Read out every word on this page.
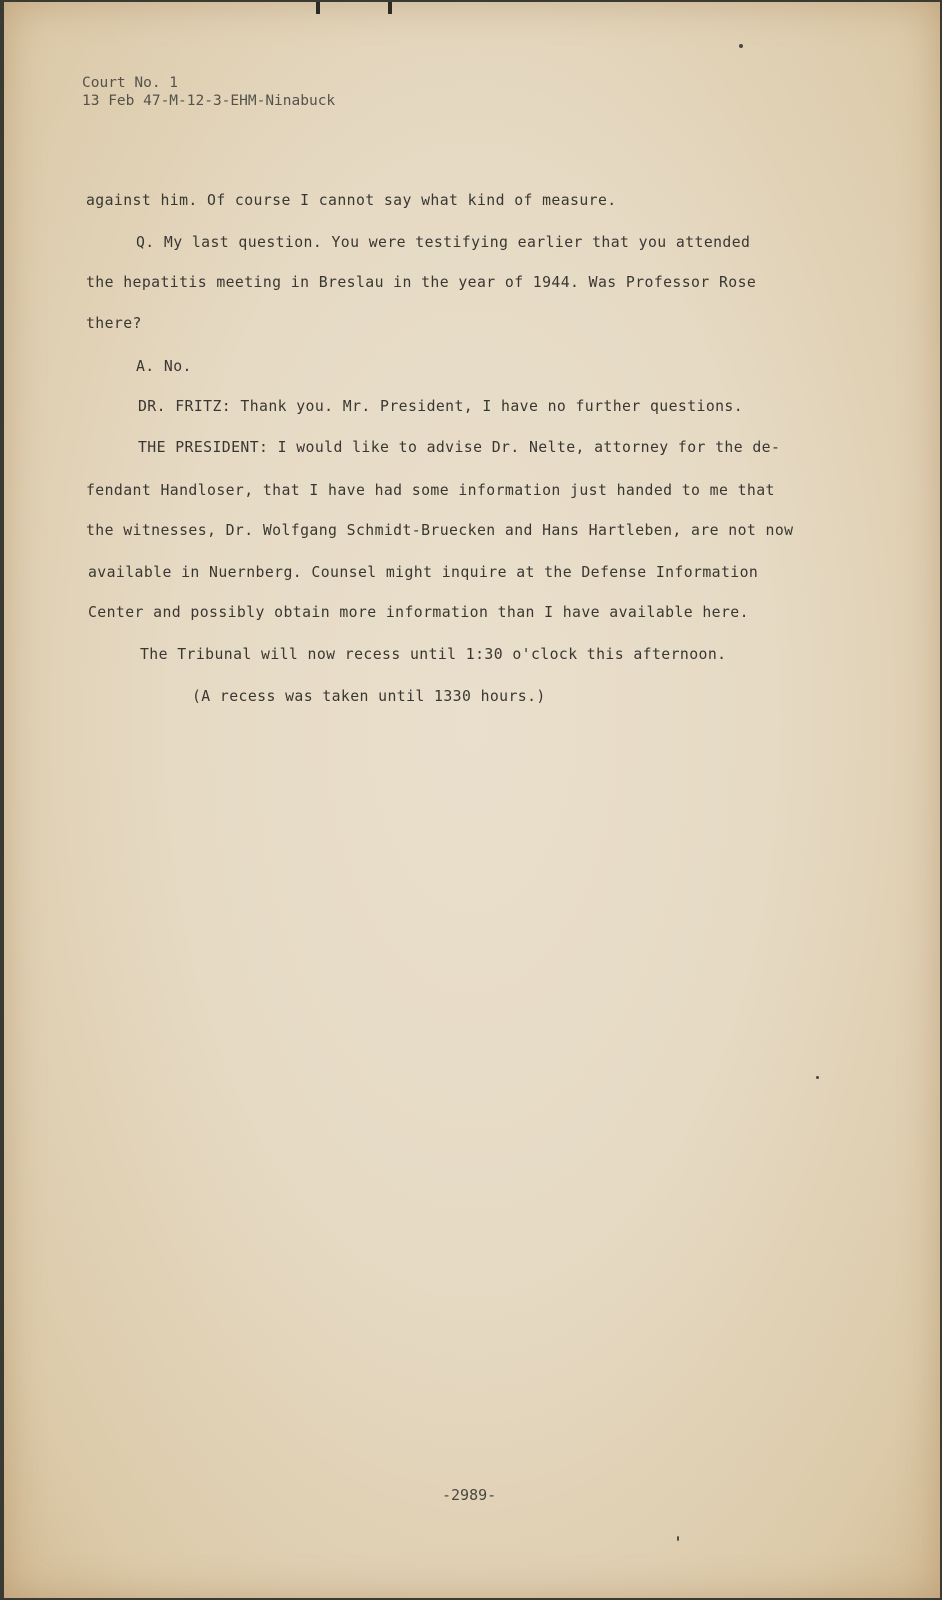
Court No. 1
13 Feb 47-M-12-3-EHM-Ninabuck
against him. Of course I cannot say what kind of measure.
Q. My last question. You were testifying earlier that you attended
the hepatitis meeting in Breslau in the year of 1944. Was Professor Rose
there?
A. No.
DR. FRITZ: Thank you. Mr. President, I have no further questions.
THE PRESIDENT: I would like to advise Dr. Nelte, attorney for the de-
fendant Handloser, that I have had some information just handed to me that
the witnesses, Dr. Wolfgang Schmidt-Bruecken and Hans Hartleben, are not now
available in Nuernberg. Counsel might inquire at the Defense Information
Center and possibly obtain more information than I have available here.
The Tribunal will now recess until 1:30 o'clock this afternoon.
(A recess was taken until 1330 hours.)
-2989-
